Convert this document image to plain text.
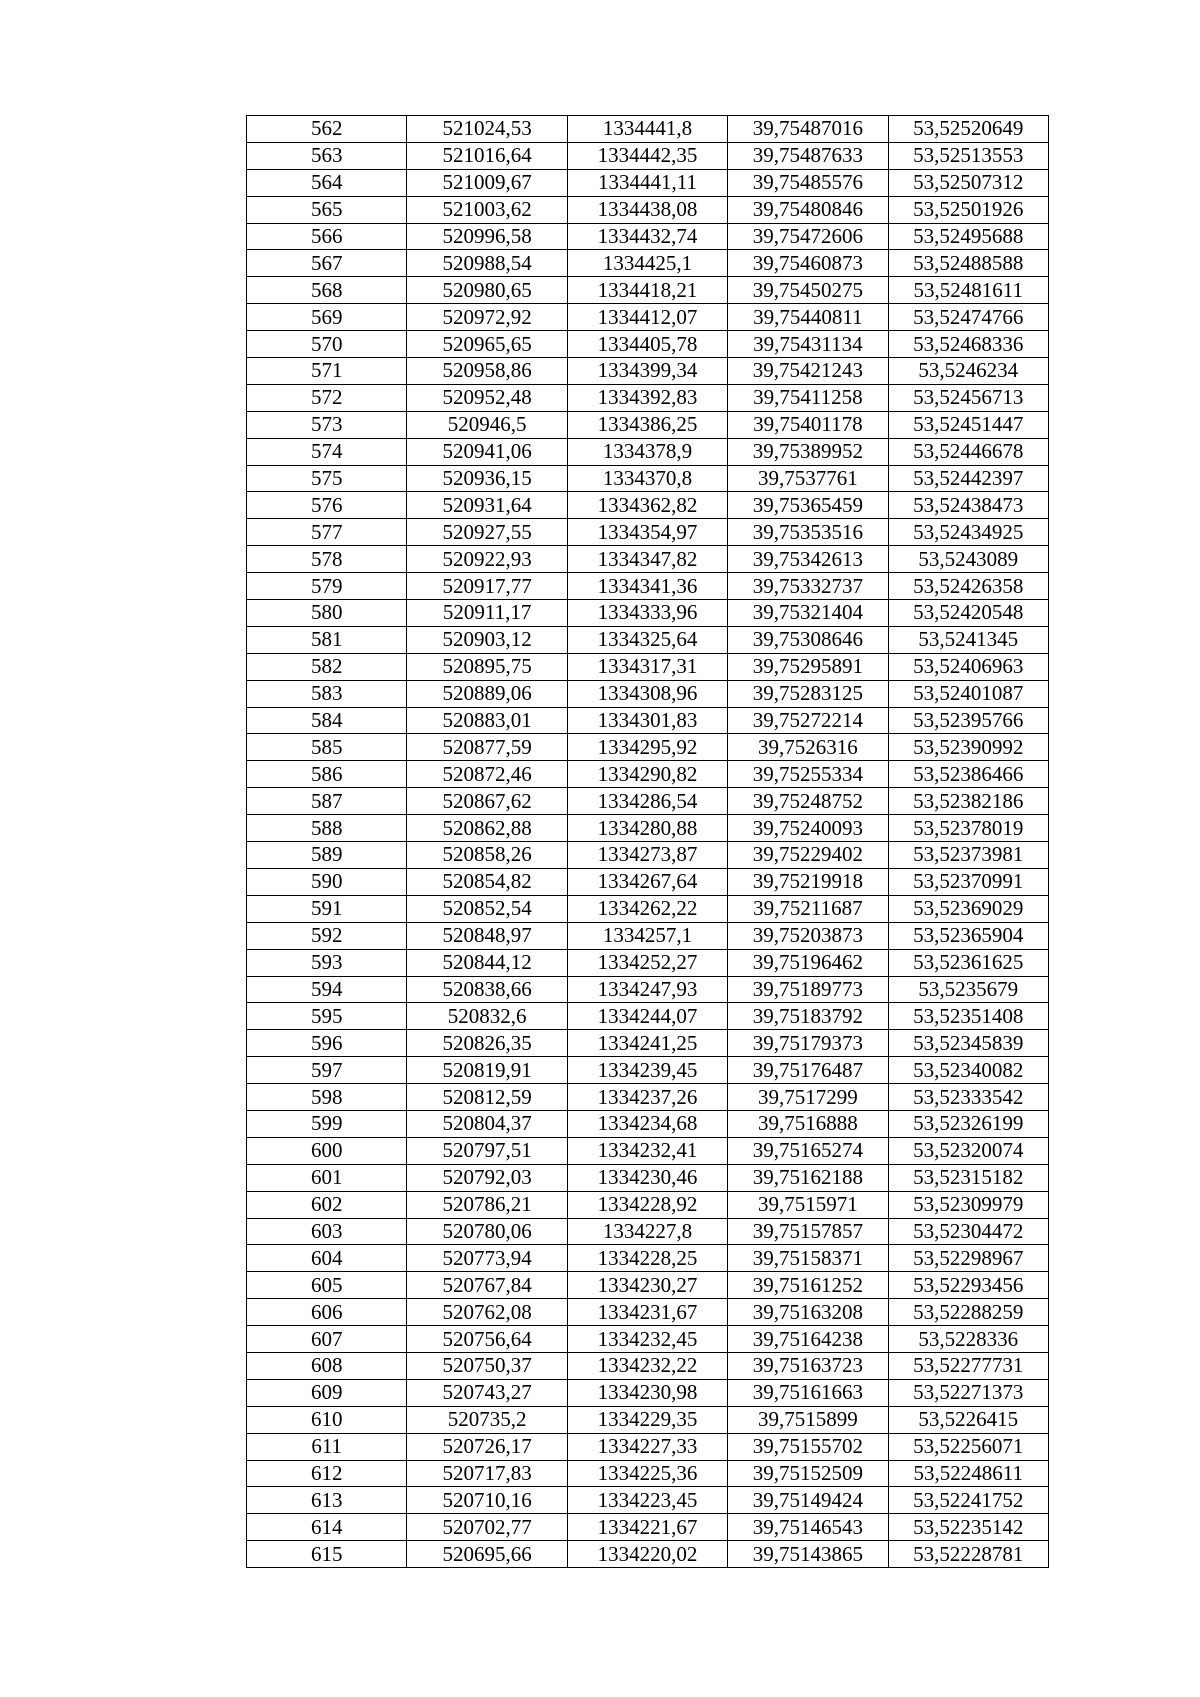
562	521024,53	1334441,8	39,75487016	53,52520649
563	521016,64	1334442,35	39,75487633	53,52513553
564	521009,67	1334441,11	39,75485576	53,52507312
565	521003,62	1334438,08	39,75480846	53,52501926
566	520996,58	1334432,74	39,75472606	53,52495688
567	520988,54	1334425,1	39,75460873	53,52488588
568	520980,65	1334418,21	39,75450275	53,52481611
569	520972,92	1334412,07	39,75440811	53,52474766
570	520965,65	1334405,78	39,75431134	53,52468336
571	520958,86	1334399,34	39,75421243	53,5246234
572	520952,48	1334392,83	39,75411258	53,52456713
573	520946,5	1334386,25	39,75401178	53,52451447
574	520941,06	1334378,9	39,75389952	53,52446678
575	520936,15	1334370,8	39,7537761	53,52442397
576	520931,64	1334362,82	39,75365459	53,52438473
577	520927,55	1334354,97	39,75353516	53,52434925
578	520922,93	1334347,82	39,75342613	53,5243089
579	520917,77	1334341,36	39,75332737	53,52426358
580	520911,17	1334333,96	39,75321404	53,52420548
581	520903,12	1334325,64	39,75308646	53,5241345
582	520895,75	1334317,31	39,75295891	53,52406963
583	520889,06	1334308,96	39,75283125	53,52401087
584	520883,01	1334301,83	39,75272214	53,52395766
585	520877,59	1334295,92	39,7526316	53,52390992
586	520872,46	1334290,82	39,75255334	53,52386466
587	520867,62	1334286,54	39,75248752	53,52382186
588	520862,88	1334280,88	39,75240093	53,52378019
589	520858,26	1334273,87	39,75229402	53,52373981
590	520854,82	1334267,64	39,75219918	53,52370991
591	520852,54	1334262,22	39,75211687	53,52369029
592	520848,97	1334257,1	39,75203873	53,52365904
593	520844,12	1334252,27	39,75196462	53,52361625
594	520838,66	1334247,93	39,75189773	53,5235679
595	520832,6	1334244,07	39,75183792	53,52351408
596	520826,35	1334241,25	39,75179373	53,52345839
597	520819,91	1334239,45	39,75176487	53,52340082
598	520812,59	1334237,26	39,7517299	53,52333542
599	520804,37	1334234,68	39,7516888	53,52326199
600	520797,51	1334232,41	39,75165274	53,52320074
601	520792,03	1334230,46	39,75162188	53,52315182
602	520786,21	1334228,92	39,7515971	53,52309979
603	520780,06	1334227,8	39,75157857	53,52304472
604	520773,94	1334228,25	39,75158371	53,52298967
605	520767,84	1334230,27	39,75161252	53,52293456
606	520762,08	1334231,67	39,75163208	53,52288259
607	520756,64	1334232,45	39,75164238	53,5228336
608	520750,37	1334232,22	39,75163723	53,52277731
609	520743,27	1334230,98	39,75161663	53,52271373
610	520735,2	1334229,35	39,7515899	53,5226415
611	520726,17	1334227,33	39,75155702	53,52256071
612	520717,83	1334225,36	39,75152509	53,52248611
613	520710,16	1334223,45	39,75149424	53,52241752
614	520702,77	1334221,67	39,75146543	53,52235142
615	520695,66	1334220,02	39,75143865	53,52228781
